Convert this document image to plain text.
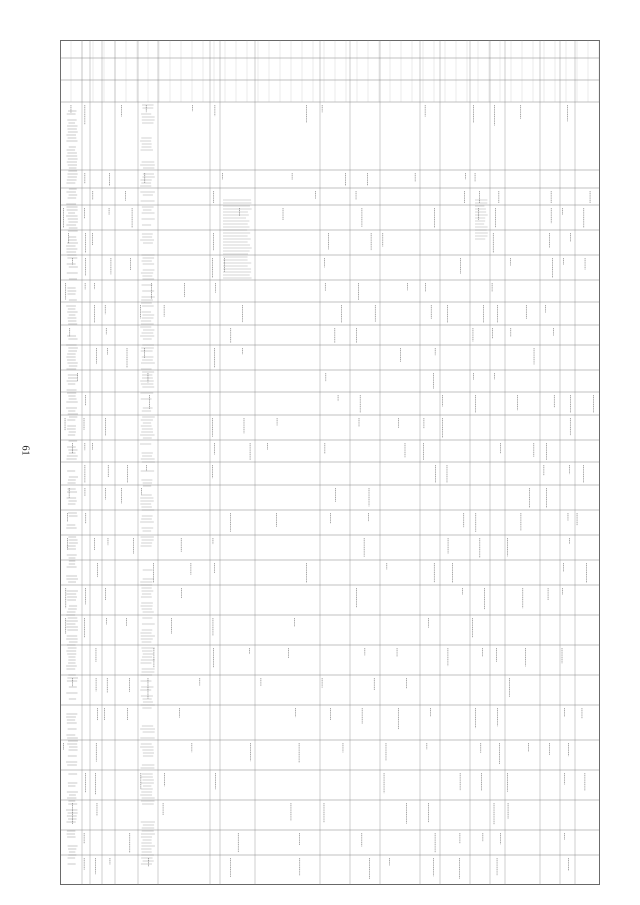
61
